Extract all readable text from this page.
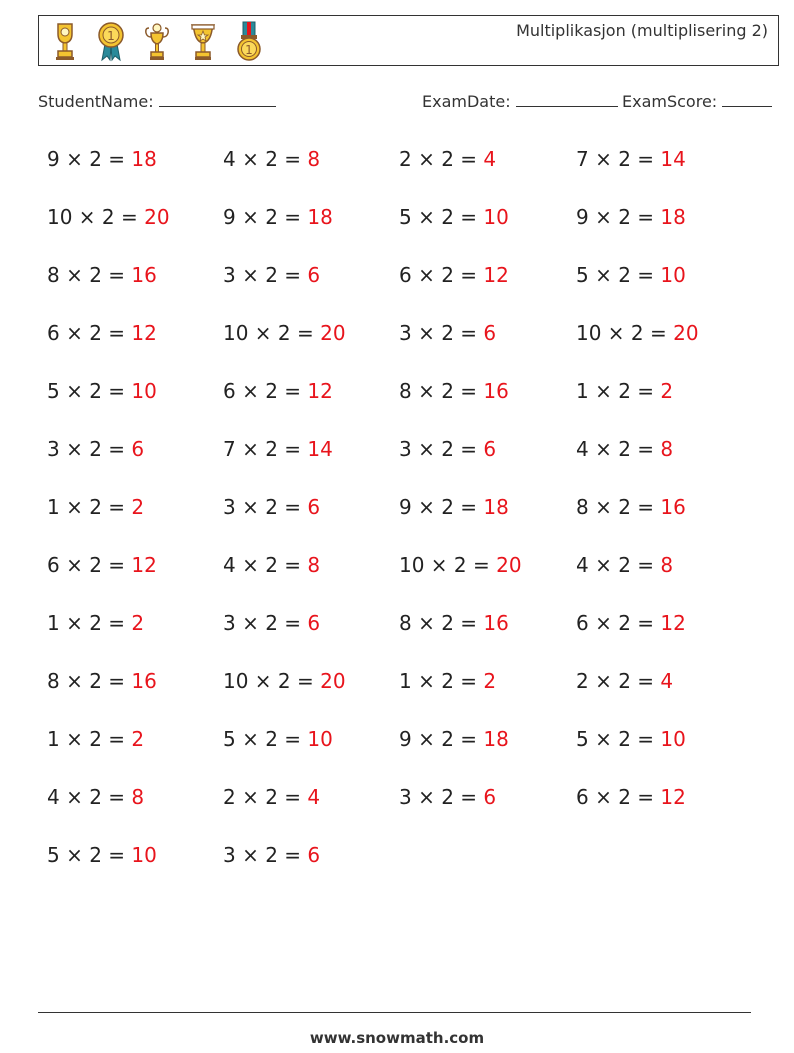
1
1
Multiplikasjon (multiplisering 2)
StudentName:	ExamDate:	ExamScore:
9 × 2 = 18	4 × 2 = 8	2 × 2 = 4	7 × 2 = 14
10 × 2 = 20	9 × 2 = 18	5 × 2 = 10	9 × 2 = 18
8 × 2 = 16	3 × 2 = 6	6 × 2 = 12	5 × 2 = 10
6 × 2 = 12	10 × 2 = 20	3 × 2 = 6	10 × 2 = 20
5 × 2 = 10	6 × 2 = 12	8 × 2 = 16	1 × 2 = 2
3 × 2 = 6	7 × 2 = 14	3 × 2 = 6	4 × 2 = 8
1 × 2 = 2	3 × 2 = 6	9 × 2 = 18	8 × 2 = 16
6 × 2 = 12	4 × 2 = 8	10 × 2 = 20	4 × 2 = 8
1 × 2 = 2	3 × 2 = 6	8 × 2 = 16	6 × 2 = 12
8 × 2 = 16	10 × 2 = 20	1 × 2 = 2	2 × 2 = 4
1 × 2 = 2	5 × 2 = 10	9 × 2 = 18	5 × 2 = 10
4 × 2 = 8	2 × 2 = 4	3 × 2 = 6	6 × 2 = 12
5 × 2 = 10	3 × 2 = 6
www.snowmath.com
